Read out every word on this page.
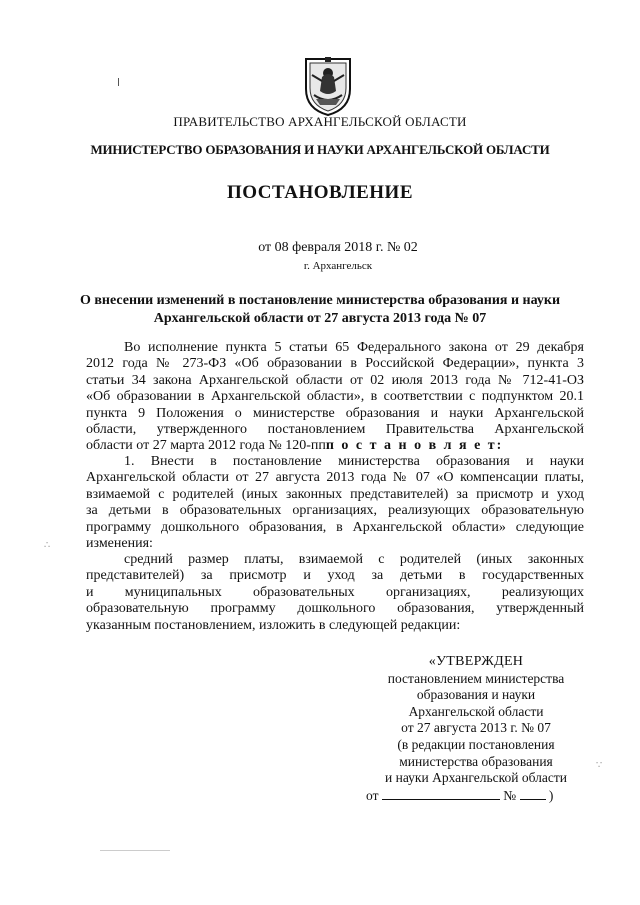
ПРАВИТЕЛЬСТВО АРХАНГЕЛЬСКОЙ ОБЛАСТИ
МИНИСТЕРСТВО ОБРАЗОВАНИЯ И НАУКИ АРХАНГЕЛЬСКОЙ ОБЛАСТИ
ПОСТАНОВЛЕНИЕ
от 08 февраля 2018 г. № 02
г. Архангельск
О внесении изменений в постановление министерства образования и науки
Архангельской области от 27 августа 2013 года № 07
Во исполнение пункта 5 статьи 65 Федерального закона от 29 декабря
2012 года № 273-ФЗ «Об образовании в Российской Федерации», пункта 3
статьи 34 закона Архангельской области от 02 июля 2013 года № 712-41-ОЗ
«Об образовании в Архангельской области», в соответствии с подпунктом 20.1
пункта 9 Положения о министерстве образования и науки Архангельской
области, утвержденного постановлением Правительства Архангельской
области от 27 марта 2012 года № 120-ппп о с т а н о в л я е т:
1. Внести в постановление министерства образования и науки
Архангельской области от 27 августа 2013 года № 07 «О компенсации платы,
взимаемой с родителей (иных законных представителей) за присмотр и уход
за детьми в образовательных организациях, реализующих образовательную
программу дошкольного образования, в Архангельской области» следующие
изменения:
средний размер платы, взимаемой с родителей (иных законных
представителей) за присмотр и уход за детьми в государственных
и муниципальных образовательных организациях, реализующих
образовательную программу дошкольного образования, утвержденный
указанным постановлением, изложить в следующей редакции:
«УТВЕРЖДЕН
постановлением министерства
образования и науки
Архангельской области
от 27 августа 2013 г. № 07
(в редакции постановления
министерства образования
и науки Архангельской области
от	№ )
∴
∵
